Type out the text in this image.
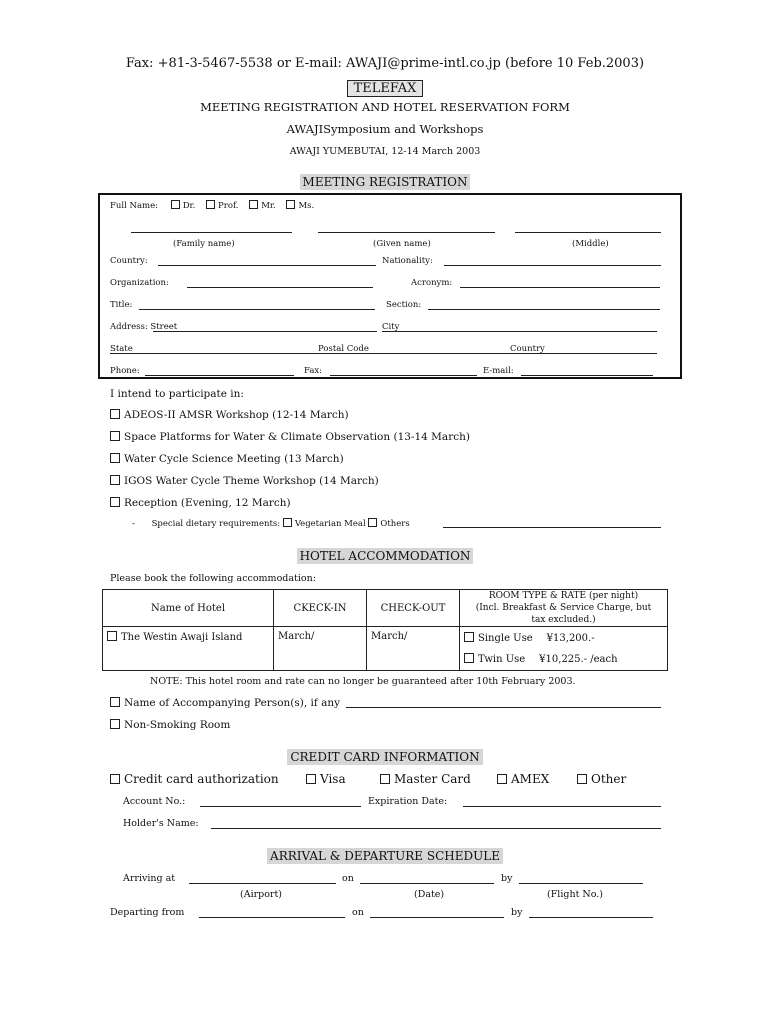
Fax: +81-3-5467-5538 or E-mail: AWAJI@prime-intl.co.jp (before 10 Feb.2003)
TELEFAX
MEETING REGISTRATION AND HOTEL RESERVATION FORM
AWAJISymposium and Workshops
AWAJI YUMEBUTAI, 12-14 March 2003
MEETING REGISTRATION
Full Name:	Dr.	Prof.	Mr.	Ms.
(Family name)	(Given name)	(Middle)
Country:	Nationality:
Organization:	Acronym:
Title:	Section:
Address: Street	City
State	Postal Code	Country
Phone:	Fax:	E-mail:
I intend to participate in:
ADEOS-II AMSR Workshop (12-14 March)
Space Platforms for Water & Climate Observation (13-14 March)
Water Cycle Science Meeting (13 March)
IGOS Water Cycle Theme Workshop (14 March)
Reception (Evening, 12 March)
- Special dietary requirements: Vegetarian Meal Others
HOTEL ACCOMMODATION
Please book the following accommodation:
Name of Hotel	CKECK-IN	CHECK-OUT	ROOM TYPE & RATE (per night)
(Incl. Breakfast & Service Charge, but
tax excluded.)

The Westin Awaji Island	March/	March/	Single Use ¥13,200.-
			Twin Use ¥10,225.- /each
NOTE: This hotel room and rate can no longer be guaranteed after 10th February 2003.
Name of Accompanying Person(s), if any
Non-Smoking Room
CREDIT CARD INFORMATION
Credit card authorization	Visa	Master Card	AMEX	Other
Account No.:	Expiration Date:
Holder's Name:
ARRIVAL & DEPARTURE SCHEDULE
Arriving at	on	by
(Airport)	(Date)	(Flight No.)
Departing from	on	by
